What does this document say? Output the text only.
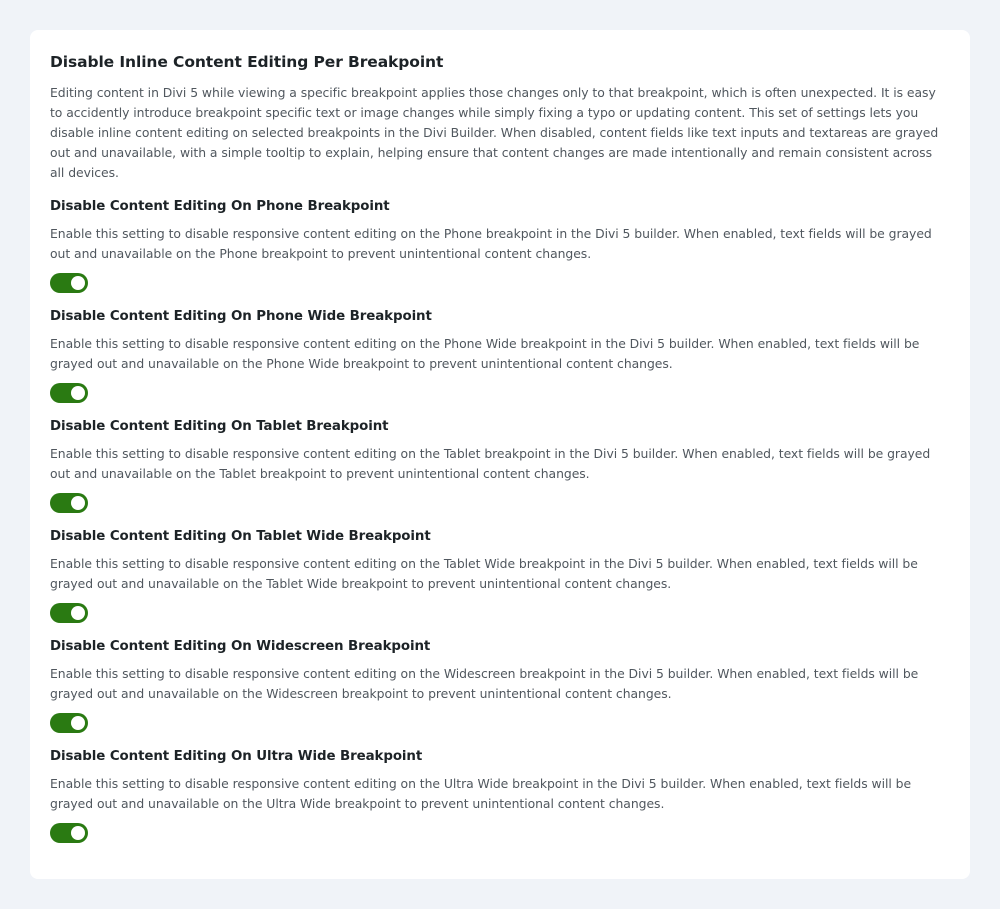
Disable Inline Content Editing Per Breakpoint

Editing content in Divi 5 while viewing a specific breakpoint applies those changes only to that breakpoint, which is often unexpected. It is easy to accidently introduce breakpoint specific text or image changes while simply fixing a typo or updating content. This set of settings lets you disable inline content editing on selected breakpoints in the Divi Builder. When disabled, content fields like text inputs and textareas are grayed out and unavailable, with a simple tooltip to explain, helping ensure that content changes are made intentionally and remain consistent across all devices.

Disable Content Editing On Phone Breakpoint

Enable this setting to disable responsive content editing on the Phone breakpoint in the Divi 5 builder. When enabled, text fields will be grayed out and unavailable on the Phone breakpoint to prevent unintentional content changes.

Disable Content Editing On Phone Wide Breakpoint

Enable this setting to disable responsive content editing on the Phone Wide breakpoint in the Divi 5 builder. When enabled, text fields will be grayed out and unavailable on the Phone Wide breakpoint to prevent unintentional content changes.

Disable Content Editing On Tablet Breakpoint

Enable this setting to disable responsive content editing on the Tablet breakpoint in the Divi 5 builder. When enabled, text fields will be grayed out and unavailable on the Tablet breakpoint to prevent unintentional content changes.

Disable Content Editing On Tablet Wide Breakpoint

Enable this setting to disable responsive content editing on the Tablet Wide breakpoint in the Divi 5 builder. When enabled, text fields will be grayed out and unavailable on the Tablet Wide breakpoint to prevent unintentional content changes.

Disable Content Editing On Widescreen Breakpoint

Enable this setting to disable responsive content editing on the Widescreen breakpoint in the Divi 5 builder. When enabled, text fields will be grayed out and unavailable on the Widescreen breakpoint to prevent unintentional content changes.

Disable Content Editing On Ultra Wide Breakpoint

Enable this setting to disable responsive content editing on the Ultra Wide breakpoint in the Divi 5 builder. When enabled, text fields will be grayed out and unavailable on the Ultra Wide breakpoint to prevent unintentional content changes.
